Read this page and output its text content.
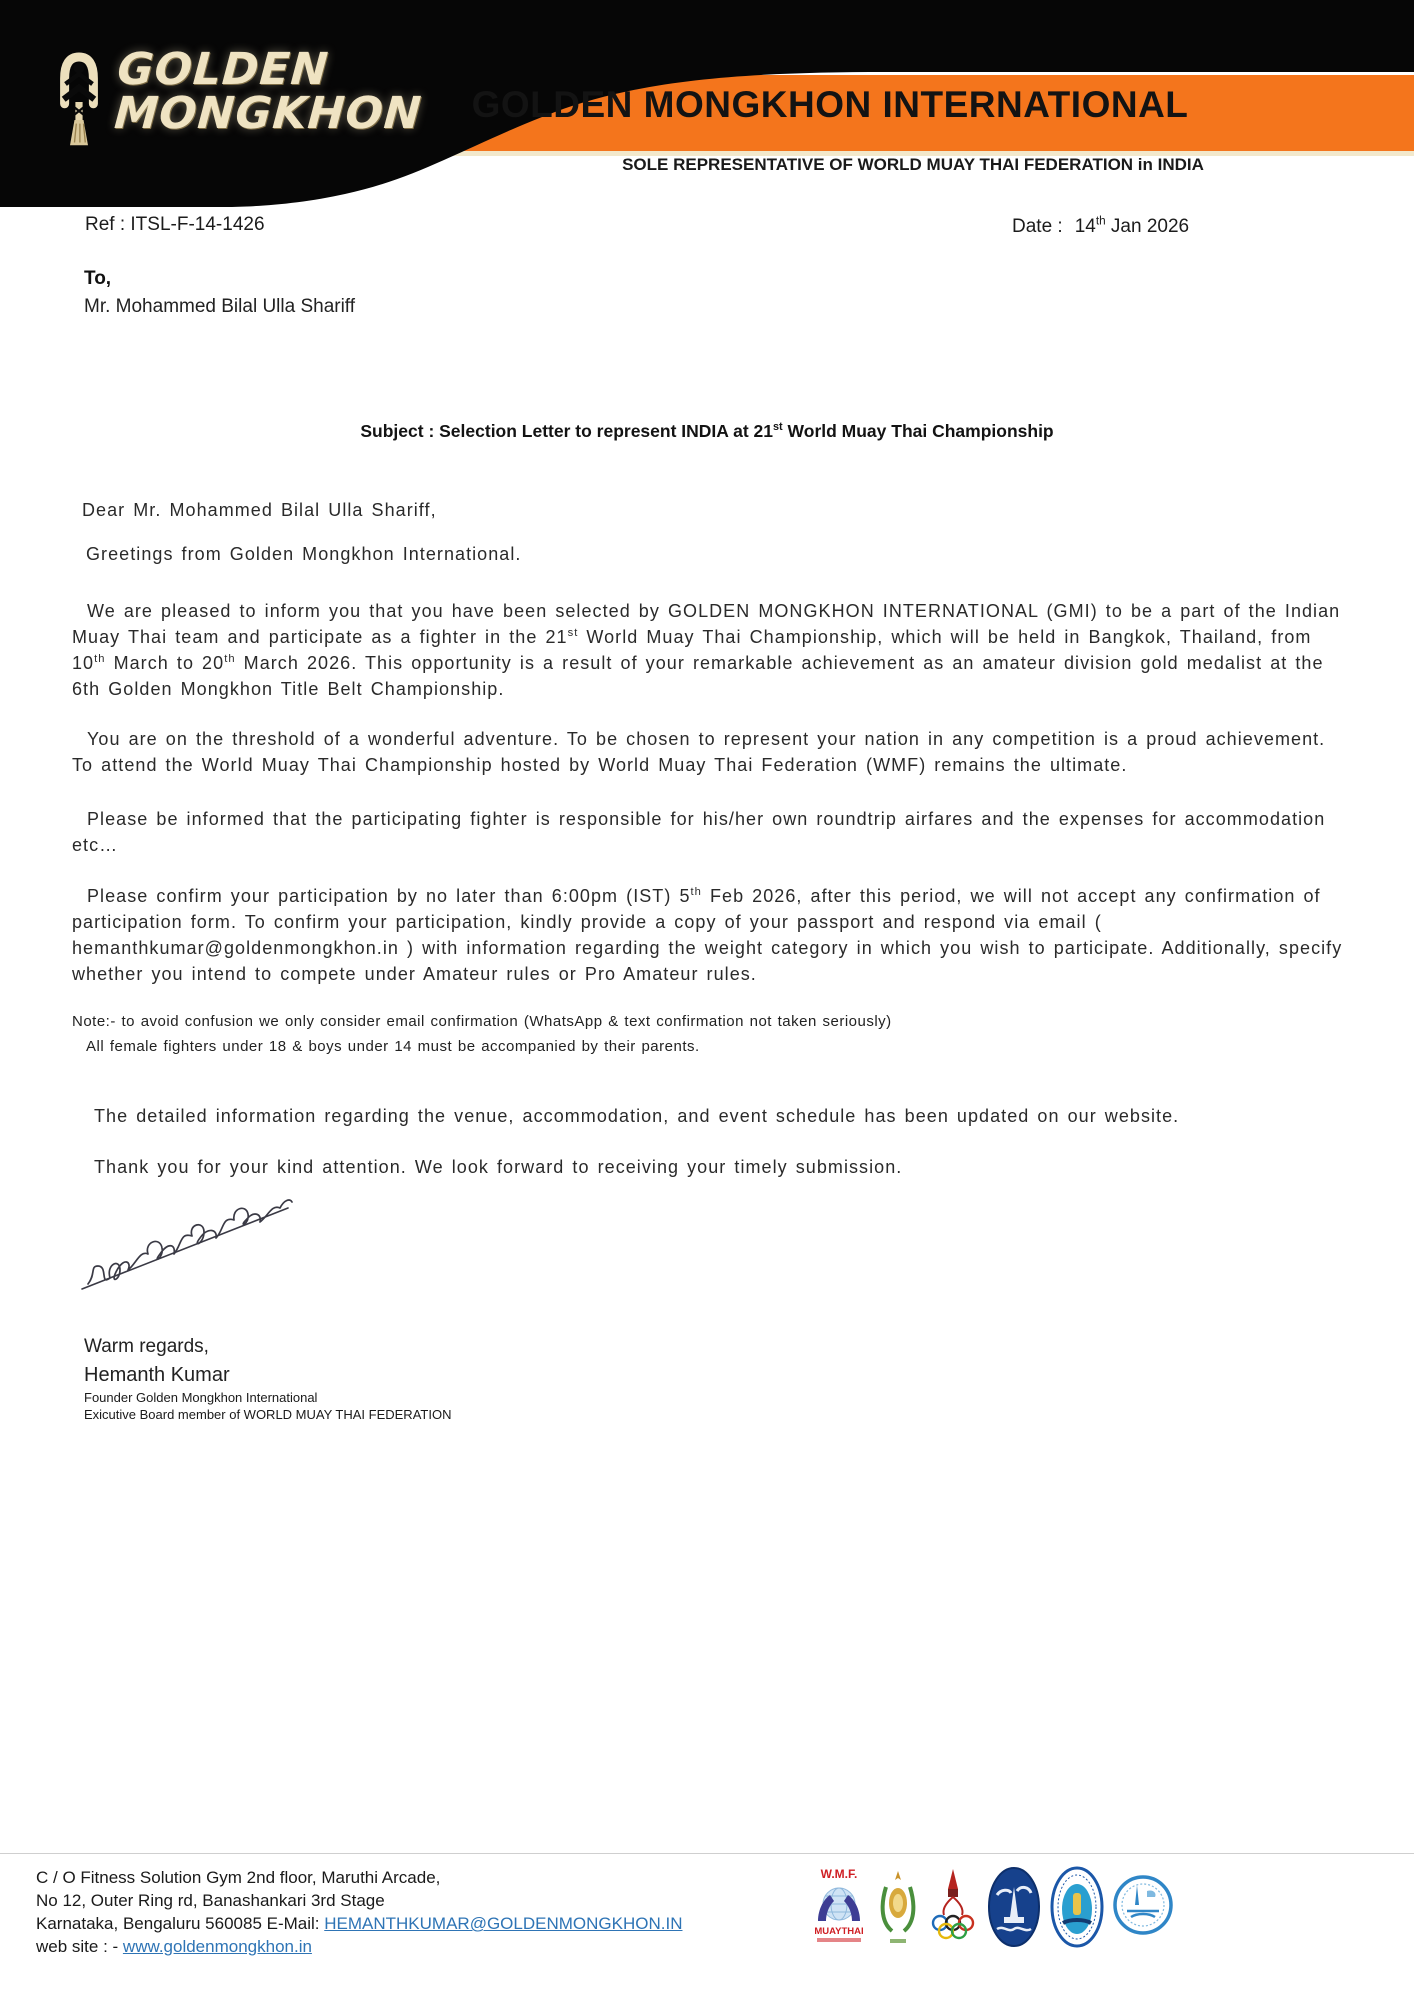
GOLDEN
MONGKHON	GOLDEN MONGKHON INTERNATIONAL
SOLE REPRESENTATIVE OF WORLD MUAY THAI FEDERATION in INDIA
Ref : ITSL-F-14-1426	Date : 14th Jan 2026
To,
Mr. Mohammed Bilal Ulla Shariff
Subject : Selection Letter to represent INDIA at 21st World Muay Thai Championship
Dear Mr. Mohammed Bilal Ulla Shariff,
Greetings from Golden Mongkhon International.
We are pleased to inform you that you have been selected by GOLDEN MONGKHON INTERNATIONAL (GMI) to be a part of the Indian Muay Thai team and participate as a fighter in the 21st World Muay Thai Championship, which will be held in Bangkok, Thailand, from 10th March to 20th March 2026. This opportunity is a result of your remarkable achievement as an amateur division gold medalist at the 6th Golden Mongkhon Title Belt Championship.
You are on the threshold of a wonderful adventure. To be chosen to represent your nation in any competition is a proud achievement. To attend the World Muay Thai Championship hosted by World Muay Thai Federation (WMF) remains the ultimate.
Please be informed that the participating fighter is responsible for his/her own roundtrip airfares and the expenses for accommodation etc…
Please confirm your participation by no later than 6:00pm (IST) 5th Feb 2026, after this period, we will not accept any confirmation of participation form. To confirm your participation, kindly provide a copy of your passport and respond via email ( hemanthkumar@goldenmongkhon.in ) with information regarding the weight category in which you wish to participate. Additionally, specify whether you intend to compete under Amateur rules or Pro Amateur rules.
Note:- to avoid confusion we only consider email confirmation (WhatsApp & text confirmation not taken seriously)
All female fighters under 18 & boys under 14 must be accompanied by their parents.
The detailed information regarding the venue, accommodation, and event schedule has been updated on our website.
Thank you for your kind attention. We look forward to receiving your timely submission.
Warm regards,
Hemanth Kumar
Founder Golden Mongkhon International
Exicutive Board member of WORLD MUAY THAI FEDERATION
C / O Fitness Solution Gym 2nd floor, Maruthi Arcade,
No 12, Outer Ring rd, Banashankari 3rd Stage
Karnataka, Bengaluru 560085 E-Mail: HEMANTHKUMAR@GOLDENMONGKHON.IN
web site : - www.goldenmongkhon.in
W.M.F.
MUAYTHAI
